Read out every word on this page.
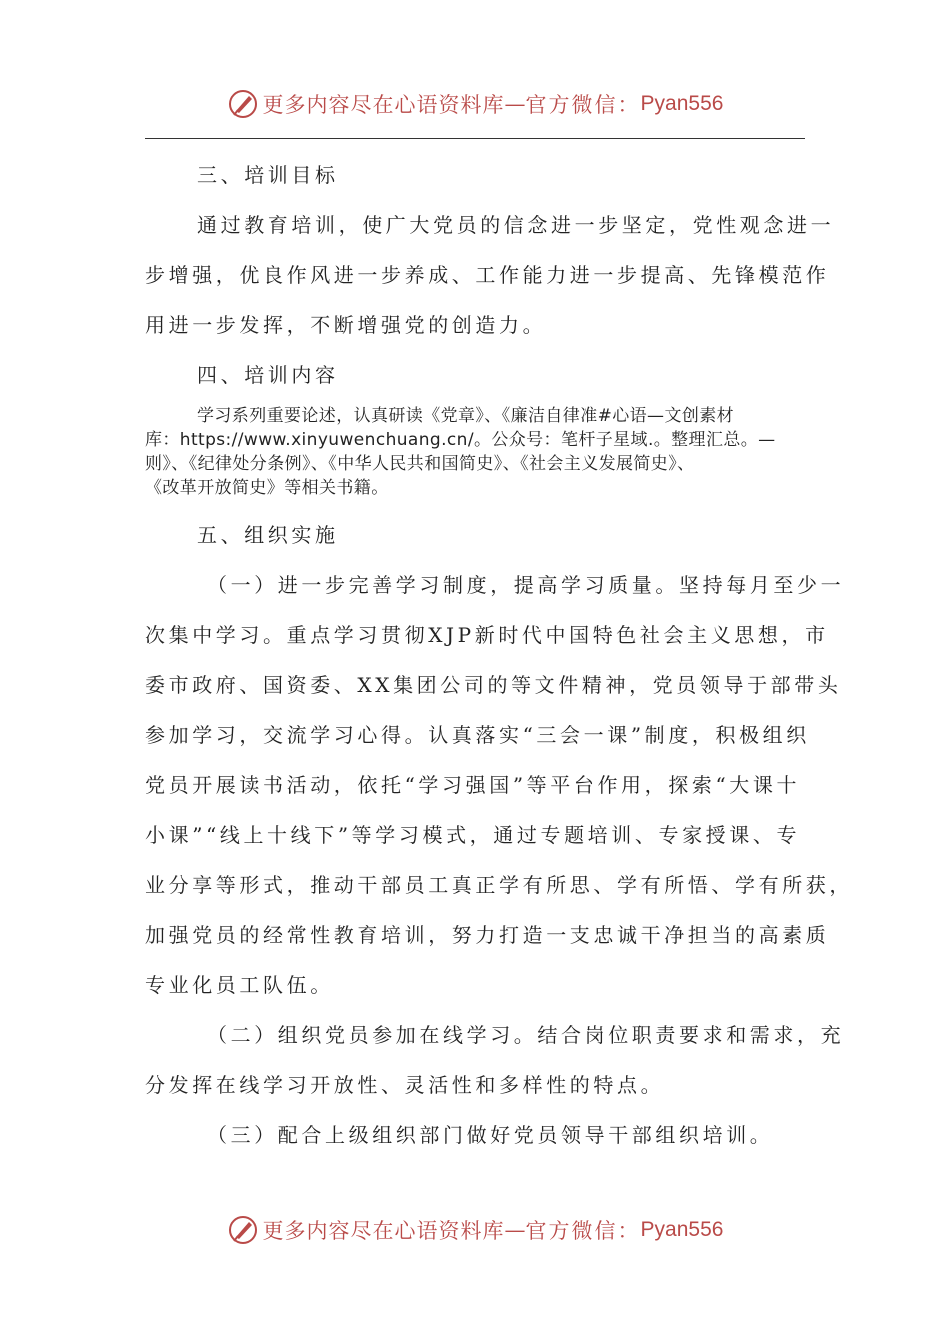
更多内容尽在心语资料库 — 官方微信： Pyan556
三、培训目标
通过教育培训，使广大党员的信念进一步坚定，党性观念进一
步增强，优良作风进一步养成、工作能力进一步提高、先锋模范作
用进一步发挥，不断增强党的创造力。
四、培训内容
学习系列重要论述，认真研读《党章》、《廉洁自律准#心语—文创素材
库：https://www.xinyuwenchuang.cn/。公众号：笔杆子星域.。整理汇总。—
则》、《纪律处分条例》、《中华人民共和国简史》、《社会主义发展简史》、
《改革开放简史》等相关书籍。
五、组织实施
（一）进一步完善学习制度，提高学习质量。坚持每月至少一
次集中学习。重点学习贯彻XJP新时代中国特色社会主义思想，市
委市政府、国资委、XX集团公司的等文件精神，党员领导于部带头
参加学习，交流学习心得。认真落实“三会一课”制度，积极组织
党员开展读书活动，依托“学习强国”等平台作用，探索“大课十
小课”“线上十线下”等学习模式，通过专题培训、专家授课、专
业分享等形式，推动干部员工真正学有所思、学有所悟、学有所获，
加强党员的经常性教育培训，努力打造一支忠诚干净担当的高素质
专业化员工队伍。
（二）组织党员参加在线学习。结合岗位职责要求和需求，充
分发挥在线学习开放性、灵活性和多样性的特点。
（三）配合上级组织部门做好党员领导干部组织培训。
更多内容尽在心语资料库 — 官方微信： Pyan556
